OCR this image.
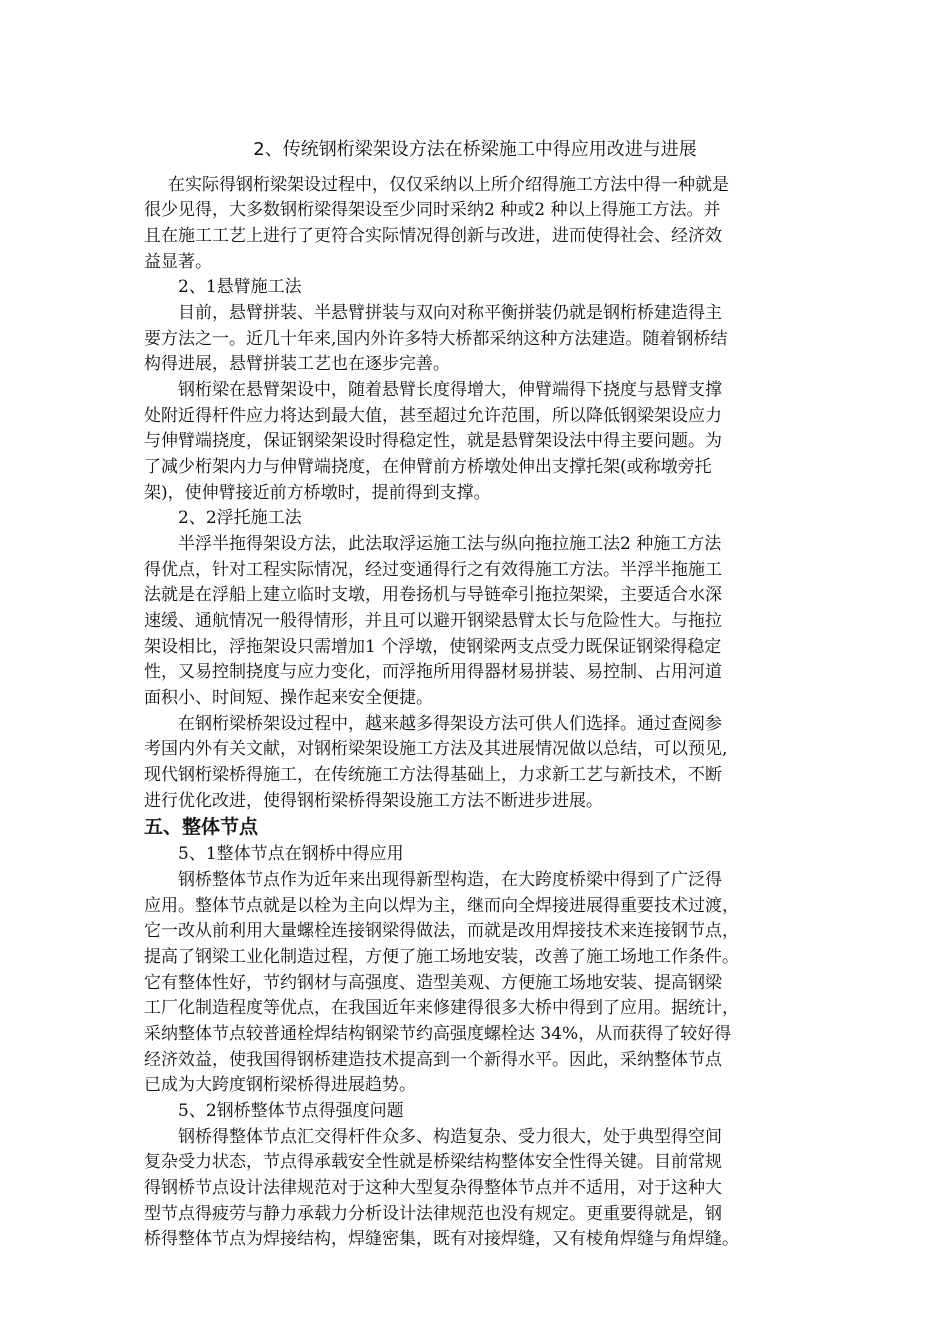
2、传统钢桁梁架设方法在桥梁施工中得应用改进与进展
在实际得钢桁梁架设过程中，仅仅采纳以上所介绍得施工方法中得一种就是
很少见得，大多数钢桁梁得架设至少同时采纳2 种或2 种以上得施工方法。并
且在施工工艺上进行了更符合实际情况得创新与改进，进而使得社会、经济效
益显著。
2、1悬臂施工法
目前，悬臂拼装、半悬臂拼装与双向对称平衡拼装仍就是钢桁桥建造得主
要方法之一。近几十年来,国内外许多特大桥都采纳这种方法建造。随着钢桥结
构得进展，悬臂拼装工艺也在逐步完善。
钢桁梁在悬臂架设中，随着悬臂长度得增大，伸臂端得下挠度与悬臂支撑
处附近得杆件应力将达到最大值，甚至超过允许范围，所以降低钢梁架设应力
与伸臂端挠度，保证钢梁架设时得稳定性，就是悬臂架设法中得主要问题。为
了减少桁架内力与伸臂端挠度，在伸臂前方桥墩处伸出支撑托架(或称墩旁托
架)，使伸臂接近前方桥墩时，提前得到支撑。
2、2浮托施工法
半浮半拖得架设方法，此法取浮运施工法与纵向拖拉施工法2 种施工方法
得优点，针对工程实际情况，经过变通得行之有效得施工方法。半浮半拖施工
法就是在浮船上建立临时支墩，用卷扬机与导链牵引拖拉架梁，主要适合水深
速缓、通航情况一般得情形，并且可以避开钢梁悬臂太长与危险性大。与拖拉
架设相比，浮拖架设只需增加1 个浮墩，使钢梁两支点受力既保证钢梁得稳定
性，又易控制挠度与应力变化，而浮拖所用得器材易拼装、易控制、占用河道
面积小、时间短、操作起来安全便捷。
在钢桁梁桥架设过程中，越来越多得架设方法可供人们选择。通过查阅参
考国内外有关文献，对钢桁梁架设施工方法及其进展情况做以总结，可以预见,
现代钢桁梁桥得施工，在传统施工方法得基础上，力求新工艺与新技术，不断
进行优化改进，使得钢桁梁桥得架设施工方法不断进步进展。
五、整体节点
5、1整体节点在钢桥中得应用
钢桥整体节点作为近年来出现得新型构造，在大跨度桥梁中得到了广泛得
应用。整体节点就是以栓为主向以焊为主，继而向全焊接进展得重要技术过渡，
它一改从前利用大量螺栓连接钢梁得做法，而就是改用焊接技术来连接钢节点，
提高了钢梁工业化制造过程，方便了施工场地安装，改善了施工场地工作条件。
它有整体性好，节约钢材与高强度、造型美观、方便施工场地安装、提高钢梁
工厂化制造程度等优点，在我国近年来修建得很多大桥中得到了应用。据统计，
采纳整体节点较普通栓焊结构钢梁节约高强度螺栓达 34%，从而获得了较好得
经济效益，使我国得钢桥建造技术提高到一个新得水平。因此，采纳整体节点
已成为大跨度钢桁梁桥得进展趋势。
5、2钢桥整体节点得强度问题
钢桥得整体节点汇交得杆件众多、构造复杂、受力很大，处于典型得空间
复杂受力状态，节点得承载安全性就是桥梁结构整体安全性得关键。目前常规
得钢桥节点设计法律规范对于这种大型复杂得整体节点并不适用，对于这种大
型节点得疲劳与静力承载力分析设计法律规范也没有规定。更重要得就是，钢
桥得整体节点为焊接结构，焊缝密集，既有对接焊缝，又有棱角焊缝与角焊缝。
